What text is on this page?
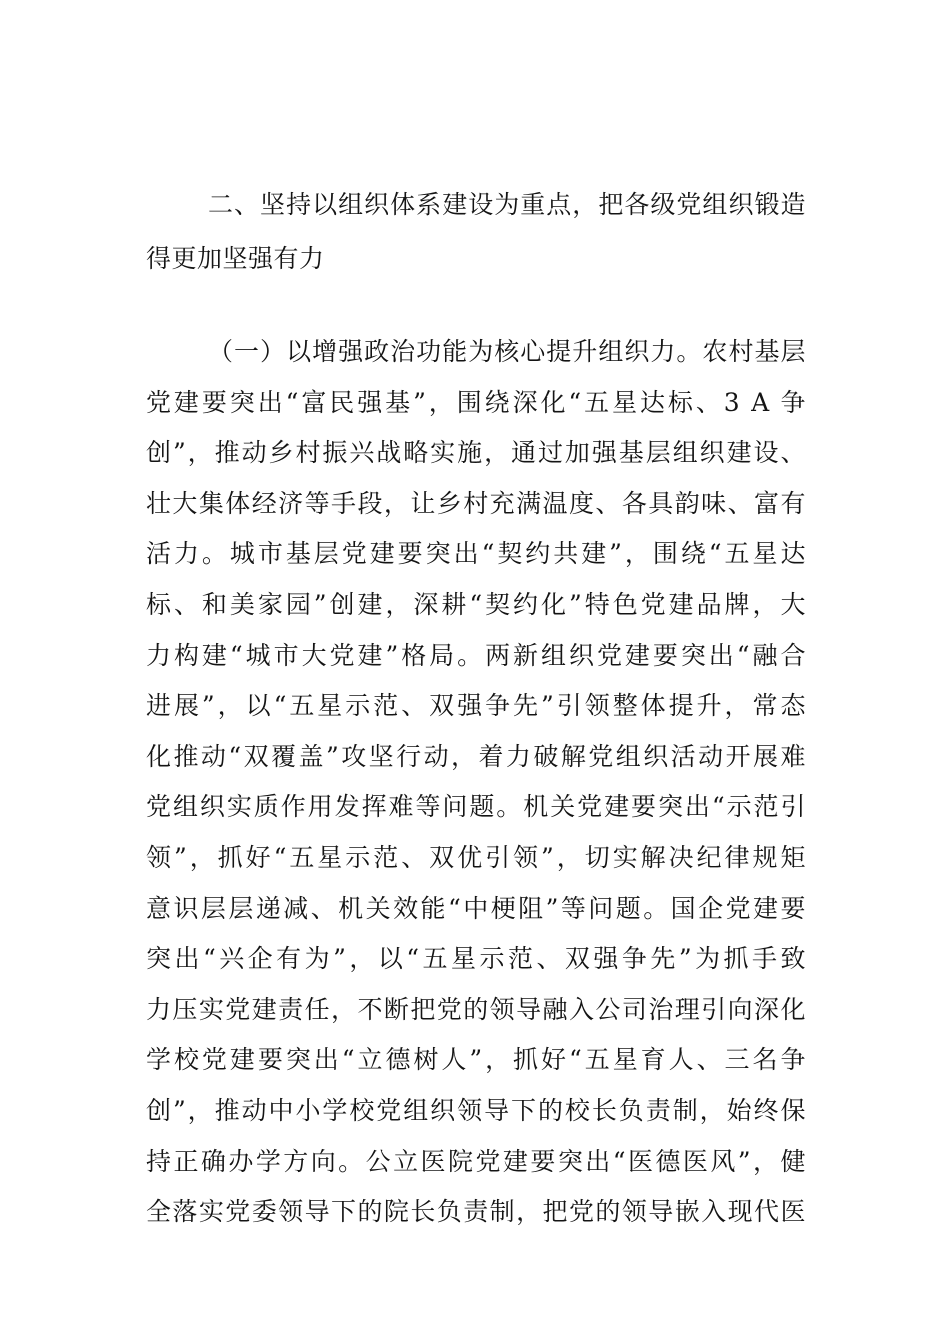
二、坚持以组织体系建设为重点，把各级党组织锻造
得更加坚强有力
（一）以增强政治功能为核心提升组织力。农村基层
党建要突出“富民强基”，围绕深化“五星达标、3 A 争
创”，推动乡村振兴战略实施，通过加强基层组织建设、
壮大集体经济等手段，让乡村充满温度、各具韵味、富有
活力。城市基层党建要突出“契约共建”，围绕“五星达
标、和美家园”创建，深耕“契约化”特色党建品牌，大
力构建“城市大党建”格局。两新组织党建要突出“融合
进展”，以“五星示范、双强争先”引领整体提升，常态
化推动“双覆盖”攻坚行动，着力破解党组织活动开展难
党组织实质作用发挥难等问题。机关党建要突出“示范引
领”，抓好“五星示范、双优引领”，切实解决纪律规矩
意识层层递减、机关效能“中梗阻”等问题。国企党建要
突出“兴企有为”，以“五星示范、双强争先”为抓手致
力压实党建责任，不断把党的领导融入公司治理引向深化
学校党建要突出“立德树人”，抓好“五星育人、三名争
创”，推动中小学校党组织领导下的校长负责制，始终保
持正确办学方向。公立医院党建要突出“医德医风”，健
全落实党委领导下的院长负责制，把党的领导嵌入现代医
